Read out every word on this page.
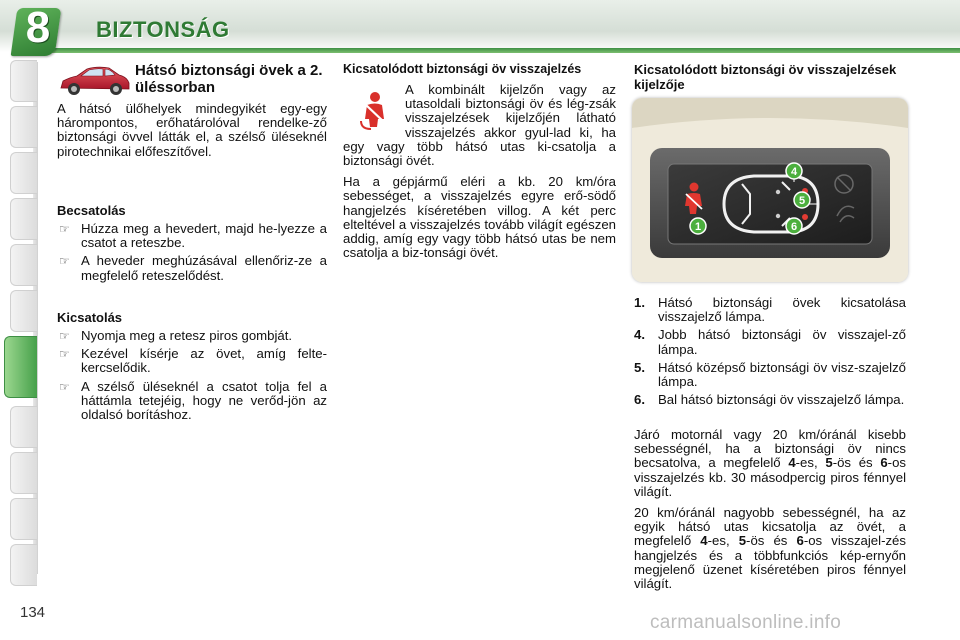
8	BIZTONSÁG
Hátsó biztonsági övek a 2. üléssorban

A hátsó ülőhelyek mindegyikét egy-egy hárompontos, erőhatárolóval rendelke-ző biztonsági övvel látták el, a szélső üléseknél pirotechnikai előfeszítővel.

Becsatolás
☞ Húzza meg a hevedert, majd he-lyezze a csatot a reteszbe.
☞ A heveder meghúzásával ellenőriz-ze a megfelelő reteszelődést.
Kicsatolás
☞ Nyomja meg a retesz piros gombját.
☞ Kezével kísérje az övet, amíg felte-kercselődik.
☞ A szélső üléseknél a csatot tolja fel a háttámla tetejéig, hogy ne verőd-jön az oldalsó borításhoz.
Kicsatolódott biztonsági öv visszajelzés

A kombinált kijelzőn vagy az utasoldali biztonsági öv és lég-zsák visszajelzések kijelzőjén látható visszajelzés akkor gyul-lad ki, ha egy vagy több hátsó utas ki-csatolja a biztonsági övét.

Ha a gépjármű eléri a kb. 20 km/óra sebességet, a visszajelzés egyre erő-södő hangjelzés kíséretében villog. A két perc elteltével a visszajelzés tovább világít egészen addig, amíg egy vagy több hátsó utas be nem csatolja a biz-tonsági övét.

Kicsatolódott biztonsági öv visszajelzések kijelzője
4
5
1	6
1. Hátsó biztonsági övek kicsatolása visszajelző lámpa.
4. Jobb hátsó biztonsági öv visszajel-ző lámpa.
5. Hátsó középső biztonsági öv visz-szajelző lámpa.
6. Bal hátsó biztonsági öv visszajelző lámpa.

Járó motornál vagy 20 km/óránál kisebb sebességnél, ha a biztonsági öv nincs becsatolva, a megfelelő 4-es, 5-ös és 6-os visszajelzés kb. 30 másodpercig piros fénnyel világít.

20 km/óránál nagyobb sebességnél, ha az egyik hátsó utas kicsatolja az övét, a megfelelő 4-es, 5-ös és 6-os visszajel-zés hangjelzés és a többfunkciós kép-ernyőn megjelenő üzenet kíséretében piros fénnyel világít.

134	carmanualsonline.info
